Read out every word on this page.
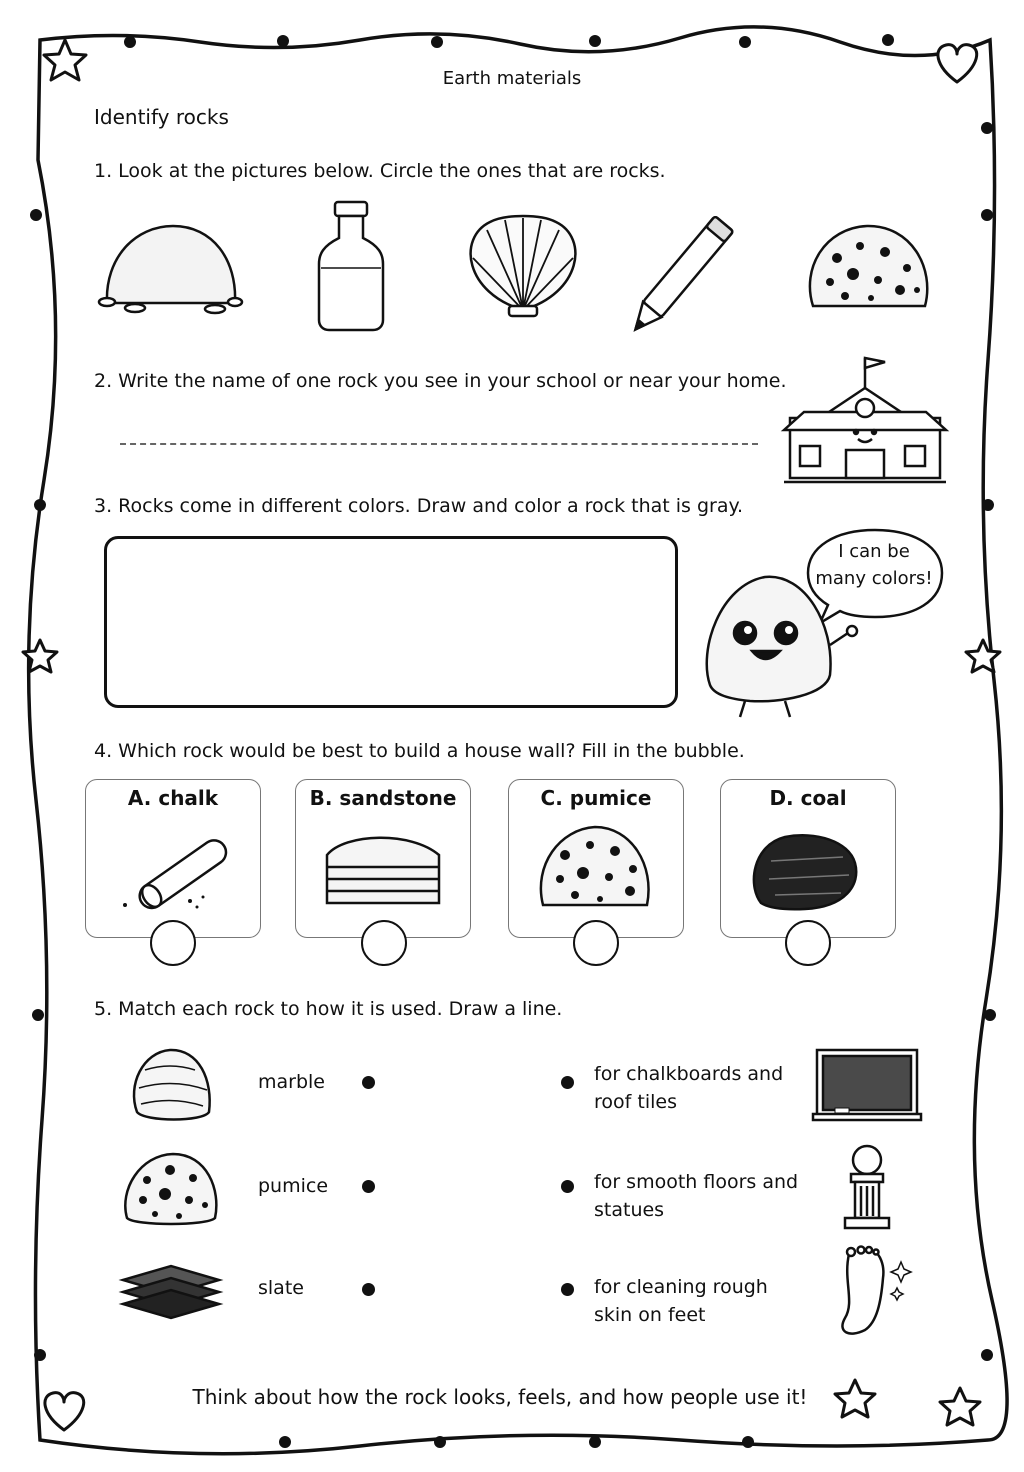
Earth materials
Identify rocks
1. Look at the pictures below. Circle the ones that are rocks.
2. Write the name of one rock you see in your school or near your home.
3. Rocks come in different colors. Draw and color a rock that is gray.
I can be
many colors!
4. Which rock would be best to build a house wall? Fill in the bubble.
A. chalk	B. sandstone	C. pumice	D. coal
5. Match each rock to how it is used. Draw a line.
marble
pumice
slate
for chalkboards and
roof tiles
for smooth floors and
statues
for cleaning rough
skin on feet
Think about how the rock looks, feels, and how people use it!
